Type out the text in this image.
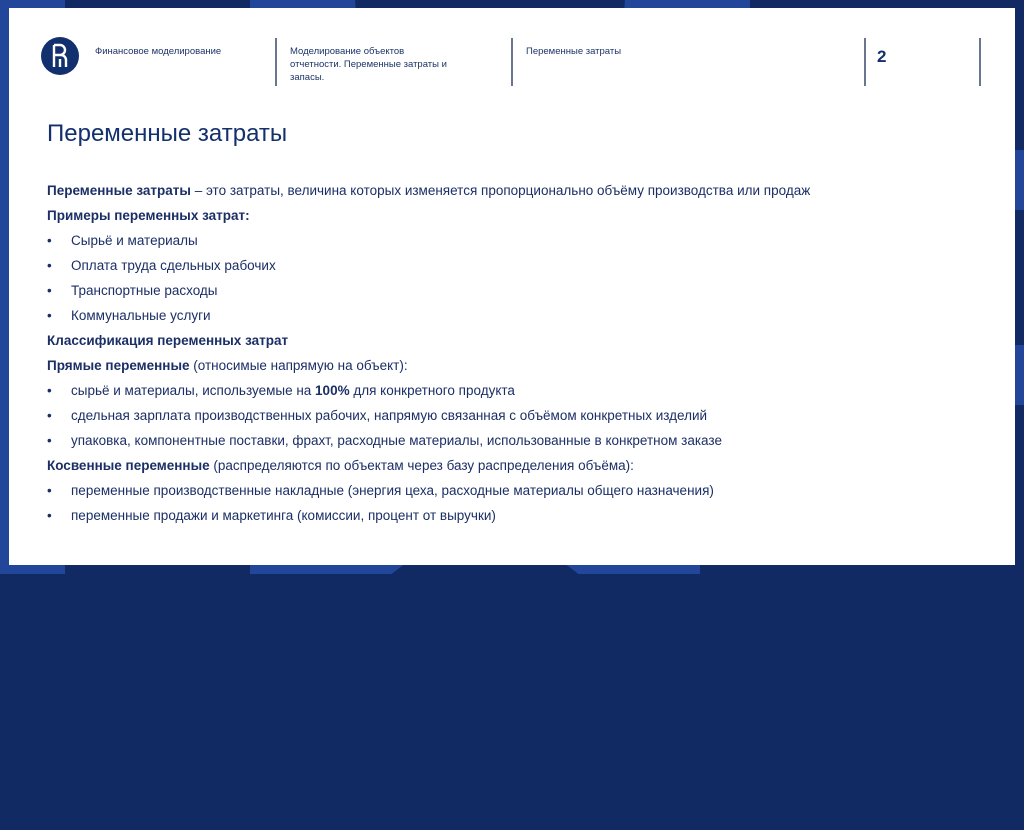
Финансовое моделирование	Моделирование объектов
отчетности. Переменные затраты и
запасы.
Переменные затраты	2
Переменные затраты
Переменные затраты – это затраты, величина которых изменяется пропорционально объёму производства или продаж
Примеры переменных затрат:
• Сырьё и материалы
• Оплата труда сдельных рабочих
• Транспортные расходы
• Коммунальные услуги
Классификация переменных затрат
Прямые переменные (относимые напрямую на объект):
• сырьё и материалы, используемые на 100% для конкретного продукта
• сдельная зарплата производственных рабочих, напрямую связанная с объёмом конкретных изделий
• упаковка, компонентные поставки, фрахт, расходные материалы, использованные в конкретном заказе
Косвенные переменные (распределяются по объектам через базу распределения объёма):
• переменные производственные накладные (энергия цеха, расходные материалы общего назначения)
• переменные продажи и маркетинга (комиссии, процент от выручки)
